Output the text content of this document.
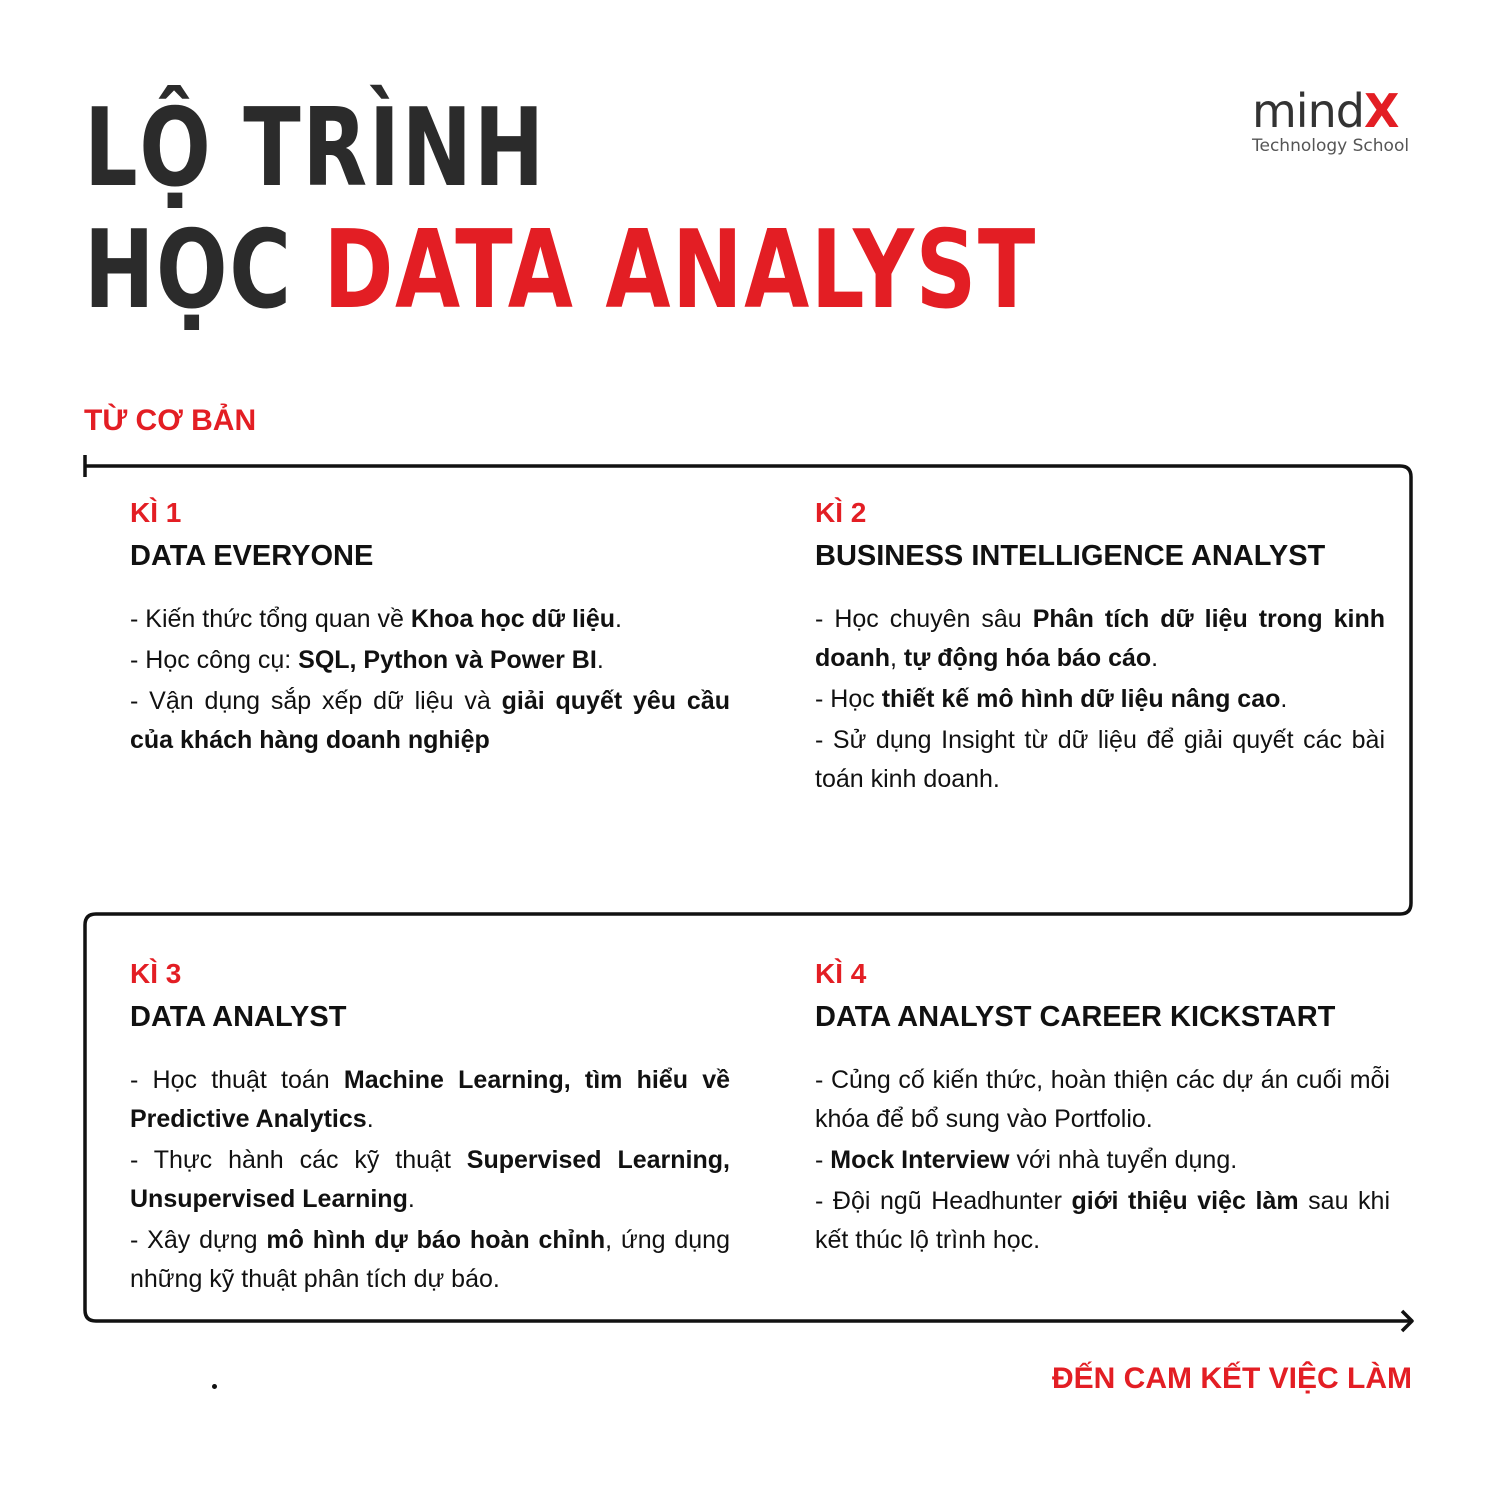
LỘ TRÌNH
HỌC DATA ANALYST
mindX
Technology School
TỪ CƠ BẢN
KÌ 1
DATA EVERYONE

- Kiến thức tổng quan về Khoa học dữ liệu.

- Học công cụ: SQL, Python và Power BI.

- Vận dụng sắp xếp dữ liệu và giải quyết yêu cầu của khách hàng doanh nghiệp

KÌ 2
BUSINESS INTELLIGENCE ANALYST

- Học chuyên sâu Phân tích dữ liệu trong kinh doanh, tự động hóa báo cáo.

- Học thiết kế mô hình dữ liệu nâng cao.

- Sử dụng Insight từ dữ liệu để giải quyết các bài toán kinh doanh.

KÌ 3
DATA ANALYST

- Học thuật toán Machine Learning, tìm hiểu về Predictive Analytics.

- Thực hành các kỹ thuật Supervised Learning, Unsupervised Learning.

- Xây dựng mô hình dự báo hoàn chỉnh, ứng dụng những kỹ thuật phân tích dự báo.

KÌ 4
DATA ANALYST CAREER KICKSTART

- Củng cố kiến thức, hoàn thiện các dự án cuối mỗi khóa để bổ sung vào Portfolio.

- Mock Interview với nhà tuyển dụng.

- Đội ngũ Headhunter giới thiệu việc làm sau khi kết thúc lộ trình học.

ĐẾN CAM KẾT VIỆC LÀM
